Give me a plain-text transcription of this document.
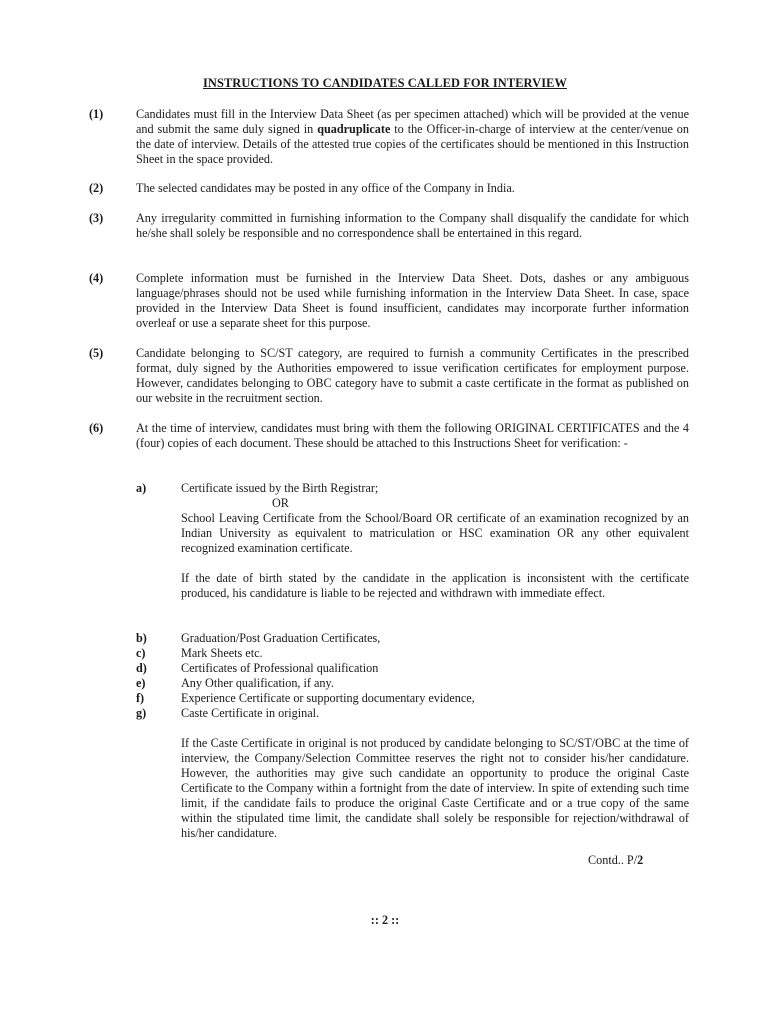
INSTRUCTIONS TO CANDIDATES CALLED FOR INTERVIEW
(1)	Candidates must fill in the Interview Data Sheet (as per specimen attached) which will be provided at the venue and submit the same duly signed in quadruplicate to the Officer-in-charge of interview at the center/venue on the date of interview. Details of the attested true copies of the certificates should be mentioned in this Instruction Sheet in the space provided.
(2)	The selected candidates may be posted in any office of the Company in India.
(3)	Any irregularity committed in furnishing information to the Company shall disqualify the candidate for which he/she shall solely be responsible and no correspondence shall be entertained in this regard.
(4)	Complete information must be furnished in the Interview Data Sheet. Dots, dashes or any ambiguous language/phrases should not be used while furnishing information in the Interview Data Sheet. In case, space provided in the Interview Data Sheet is found insufficient, candidates may incorporate further information overleaf or use a separate sheet for this purpose.
(5)	Candidate belonging to SC/ST category, are required to furnish a community Certificates in the prescribed format, duly signed by the Authorities empowered to issue verification certificates for employment purpose. However, candidates belonging to OBC category have to submit a caste certificate in the format as published on our website in the recruitment section.
(6)	At the time of interview, candidates must bring with them the following ORIGINAL CERTIFICATES and the 4 (four) copies of each document. These should be attached to this Instructions Sheet for verification: -
a)	Certificate issued by the Birth Registrar;
OR
School Leaving Certificate from the School/Board OR certificate of an examination recognized by an Indian University as equivalent to matriculation or HSC examination OR any other equivalent recognized examination certificate.
If the date of birth stated by the candidate in the application is inconsistent with the certificate produced, his candidature is liable to be rejected and withdrawn with immediate effect.
b)	Graduation/Post Graduation Certificates,
c)	Mark Sheets etc.
d)	Certificates of Professional qualification
e)	Any Other qualification, if any.
f)	Experience Certificate or supporting documentary evidence,
g)	Caste Certificate in original.
If the Caste Certificate in original is not produced by candidate belonging to SC/ST/OBC at the time of interview, the Company/Selection Committee reserves the right not to consider his/her candidature. However, the authorities may give such candidate an opportunity to produce the original Caste Certificate to the Company within a fortnight from the date of interview. In spite of extending such time limit, if the candidate fails to produce the original Caste Certificate and or a true copy of the same within the stipulated time limit, the candidate shall solely be responsible for rejection/withdrawal of his/her candidature.
Contd.. P/2
:: 2 ::
